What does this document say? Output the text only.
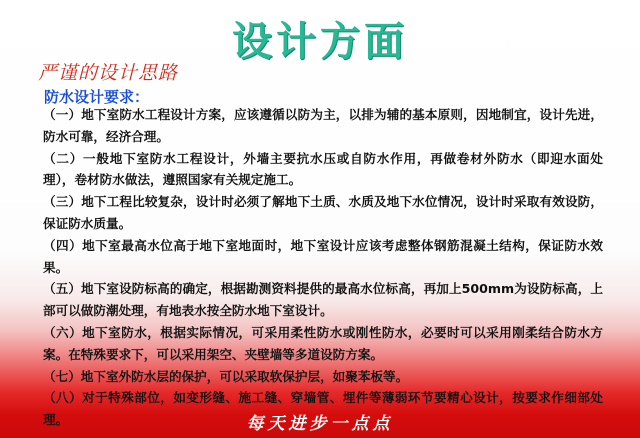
设计方面
严谨的设计思路
防水设计要求：

（一）地下室防水工程设计方案，应该遵循以防为主，以排为辅的基本原则，因地制宜，设计先进，防水可靠，经济合理。

（二）一般地下室防水工程设计，外墙主要抗水压或自防水作用，再做卷材外防水（即迎水面处理），卷材防水做法，遵照国家有关规定施工。

（三）地下工程比较复杂，设计时必须了解地下土质、水质及地下水位情况，设计时采取有效设防，保证防水质量。

（四）地下室最高水位高于地下室地面时，地下室设计应该考虑整体钢筋混凝土结构，保证防水效果。

（五）地下室设防标高的确定，根据勘测资料提供的最高水位标高，再加上500mm为设防标高，上部可以做防潮处理，有地表水按全防水地下室设计。

（六）地下室防水，根据实际情况，可采用柔性防水或刚性防水，必要时可以采用刚柔结合防水方案。在特殊要求下，可以采用架空、夹壁墙等多道设防方案。

（七）地下室外防水层的保护，可以采取软保护层，如聚苯板等。

（八）对于特殊部位，如变形缝、施工缝、穿墙管、埋件等薄弱环节要精心设计，按要求作细部处理。	每天进步一点点
